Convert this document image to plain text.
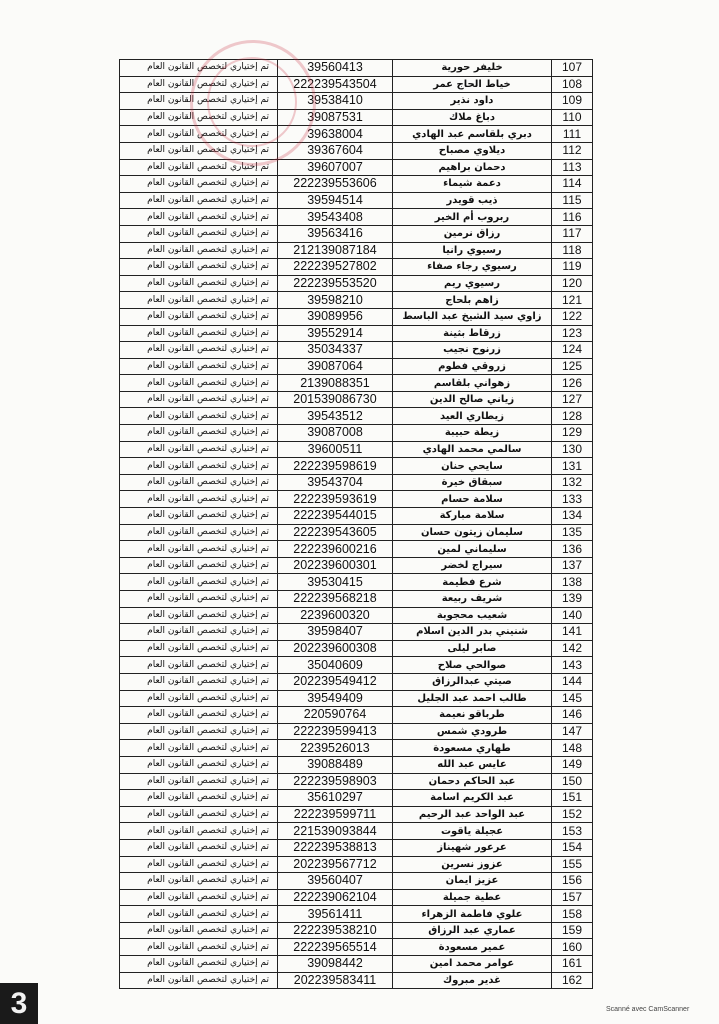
107	خليفر حورية	39560413	تم إختياري لتخصص القانون العام
108	خياط الحاج عمر	222239543504	تم إختياري لتخصص القانون العام
109	داود نذير	39538410	تم إختياري لتخصص القانون العام
110	دباغ ملاك	39087531	تم إختياري لتخصص القانون العام
111	دبري بلقاسم عبد الهادي	39638004	تم إختياري لتخصص القانون العام
112	ديلاوي مصباح	39367604	تم إختياري لتخصص القانون العام
113	دحمان براهيم	39607007	تم إختياري لتخصص القانون العام
114	دعمة شيماء	222239553606	تم إختياري لتخصص القانون العام
115	ذيب قويدر	39594514	تم إختياري لتخصص القانون العام
116	ربروب أم الخير	39543408	تم إختياري لتخصص القانون العام
117	رزاق نرمين	39563416	تم إختياري لتخصص القانون العام
118	رسيوي رانيا	212139087184	تم إختياري لتخصص القانون العام
119	رسيوي رجاء صفاء	222239527802	تم إختياري لتخصص القانون العام
120	رسيوي ريم	222239553520	تم إختياري لتخصص القانون العام
121	زاهم بلحاج	39598210	تم إختياري لتخصص القانون العام
122	زاوي سيد الشيخ عبد الباسط	39089956	تم إختياري لتخصص القانون العام
123	زرقاط بثينة	39552914	تم إختياري لتخصص القانون العام
124	زرنوح نجيب	35034337	تم إختياري لتخصص القانون العام
125	زروقي فطوم	39087064	تم إختياري لتخصص القانون العام
126	زهواني بلقاسم	2139088351	تم إختياري لتخصص القانون العام
127	زياني صالح الدين	201539086730	تم إختياري لتخصص القانون العام
128	زيطاري العيد	39543512	تم إختياري لتخصص القانون العام
129	زيطة حبيبة	39087008	تم إختياري لتخصص القانون العام
130	سالمي محمد الهادي	39600511	تم إختياري لتخصص القانون العام
131	سايحي حنان	222239598619	تم إختياري لتخصص القانون العام
132	سبقاق خيرة	39543704	تم إختياري لتخصص القانون العام
133	سلامة حسام	222239593619	تم إختياري لتخصص القانون العام
134	سلامة مباركة	222239544015	تم إختياري لتخصص القانون العام
135	سليمان زيتون حسان	222239543605	تم إختياري لتخصص القانون العام
136	سليماني لمين	222239600216	تم إختياري لتخصص القانون العام
137	سيراج لخضر	202239600301	تم إختياري لتخصص القانون العام
138	شرع فطيمة	39530415	تم إختياري لتخصص القانون العام
139	شريف ربيعة	222239568218	تم إختياري لتخصص القانون العام
140	شعيب محجوبة	2239600320	تم إختياري لتخصص القانون العام
141	شنيني بدر الدين اسلام	39598407	تم إختياري لتخصص القانون العام
142	صابر ليلى	202239600308	تم إختياري لتخصص القانون العام
143	صوالحي صلاح	35040609	تم إختياري لتخصص القانون العام
144	صيتي عبدالرزاق	202239549412	تم إختياري لتخصص القانون العام
145	طالب احمد عبد الجليل	39549409	تم إختياري لتخصص القانون العام
146	طرباقو نعيمة	220590764	تم إختياري لتخصص القانون العام
147	طرودي شمس	222239599413	تم إختياري لتخصص القانون العام
148	طهاري مسعودة	2239526013	تم إختياري لتخصص القانون العام
149	عايس عبد الله	39088489	تم إختياري لتخصص القانون العام
150	عبد الحاكم دحمان	222239598903	تم إختياري لتخصص القانون العام
151	عبد الكريم اسامة	35610297	تم إختياري لتخصص القانون العام
152	عبد الواحد عبد الرحيم	222239599711	تم إختياري لتخصص القانون العام
153	عجيلة ياقوت	221539093844	تم إختياري لتخصص القانون العام
154	عرعور شهيناز	222239538813	تم إختياري لتخصص القانون العام
155	عزوز نسرين	202239567712	تم إختياري لتخصص القانون العام
156	عزيز ايمان	39560407	تم إختياري لتخصص القانون العام
157	عطية جميلة	222239062104	تم إختياري لتخصص القانون العام
158	علوي فاطمة الزهراء	39561411	تم إختياري لتخصص القانون العام
159	عماري عبد الرزاق	222239538210	تم إختياري لتخصص القانون العام
160	عمير مسعودة	222239565514	تم إختياري لتخصص القانون العام
161	عوامر محمد امين	39098442	تم إختياري لتخصص القانون العام
162	غدير مبروك	202239583411	تم إختياري لتخصص القانون العام
3	Scanné avec CamScanner
